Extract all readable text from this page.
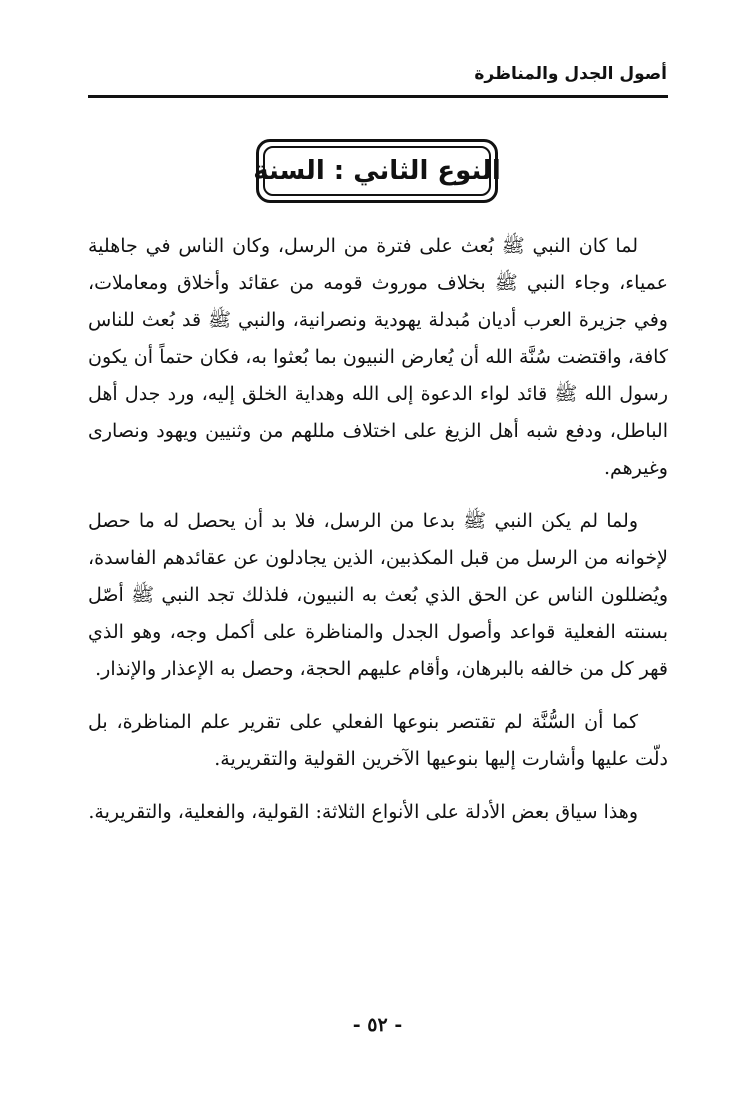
أصول الجدل والمناظرة
النوع الثاني : السنة

لما كان النبي ﷺ بُعث على فترة من الرسل، وكان الناس في جاهلية عمياء، وجاء النبي ﷺ بخلاف موروث قومه من عقائد وأخلاق ومعاملات، وفي جزيرة العرب أديان مُبدلة يهودية ونصرانية، والنبي ﷺ قد بُعث للناس كافة، واقتضت سُنَّة الله أن يُعارض النبيون بما بُعثوا به، فكان حتماً أن يكون رسول الله ﷺ قائد لواء الدعوة إلى الله وهداية الخلق إليه، ورد جدل أهل الباطل، ودفع شبه أهل الزيغ على اختلاف مللهم من وثنيين ويهود ونصارى وغيرهم.

ولما لم يكن النبي ﷺ بدعا من الرسل، فلا بد أن يحصل له ما حصل لإخوانه من الرسل من قبل المكذبين، الذين يجادلون عن عقائدهم الفاسدة، ويُضللون الناس عن الحق الذي بُعث به النبيون، فلذلك تجد النبي ﷺ أصّل بسنته الفعلية قواعد وأصول الجدل والمناظرة على أكمل وجه، وهو الذي قهر كل من خالفه بالبرهان، وأقام عليهم الحجة، وحصل به الإعذار والإنذار.

كما أن السُّنَّة لم تقتصر بنوعها الفعلي على تقرير علم المناظرة، بل دلّت عليها وأشارت إليها بنوعيها الآخرين القولية والتقريرية.

وهذا سياق بعض الأدلة على الأنواع الثلاثة: القولية، والفعلية، والتقريرية.

- ٥٢ -
